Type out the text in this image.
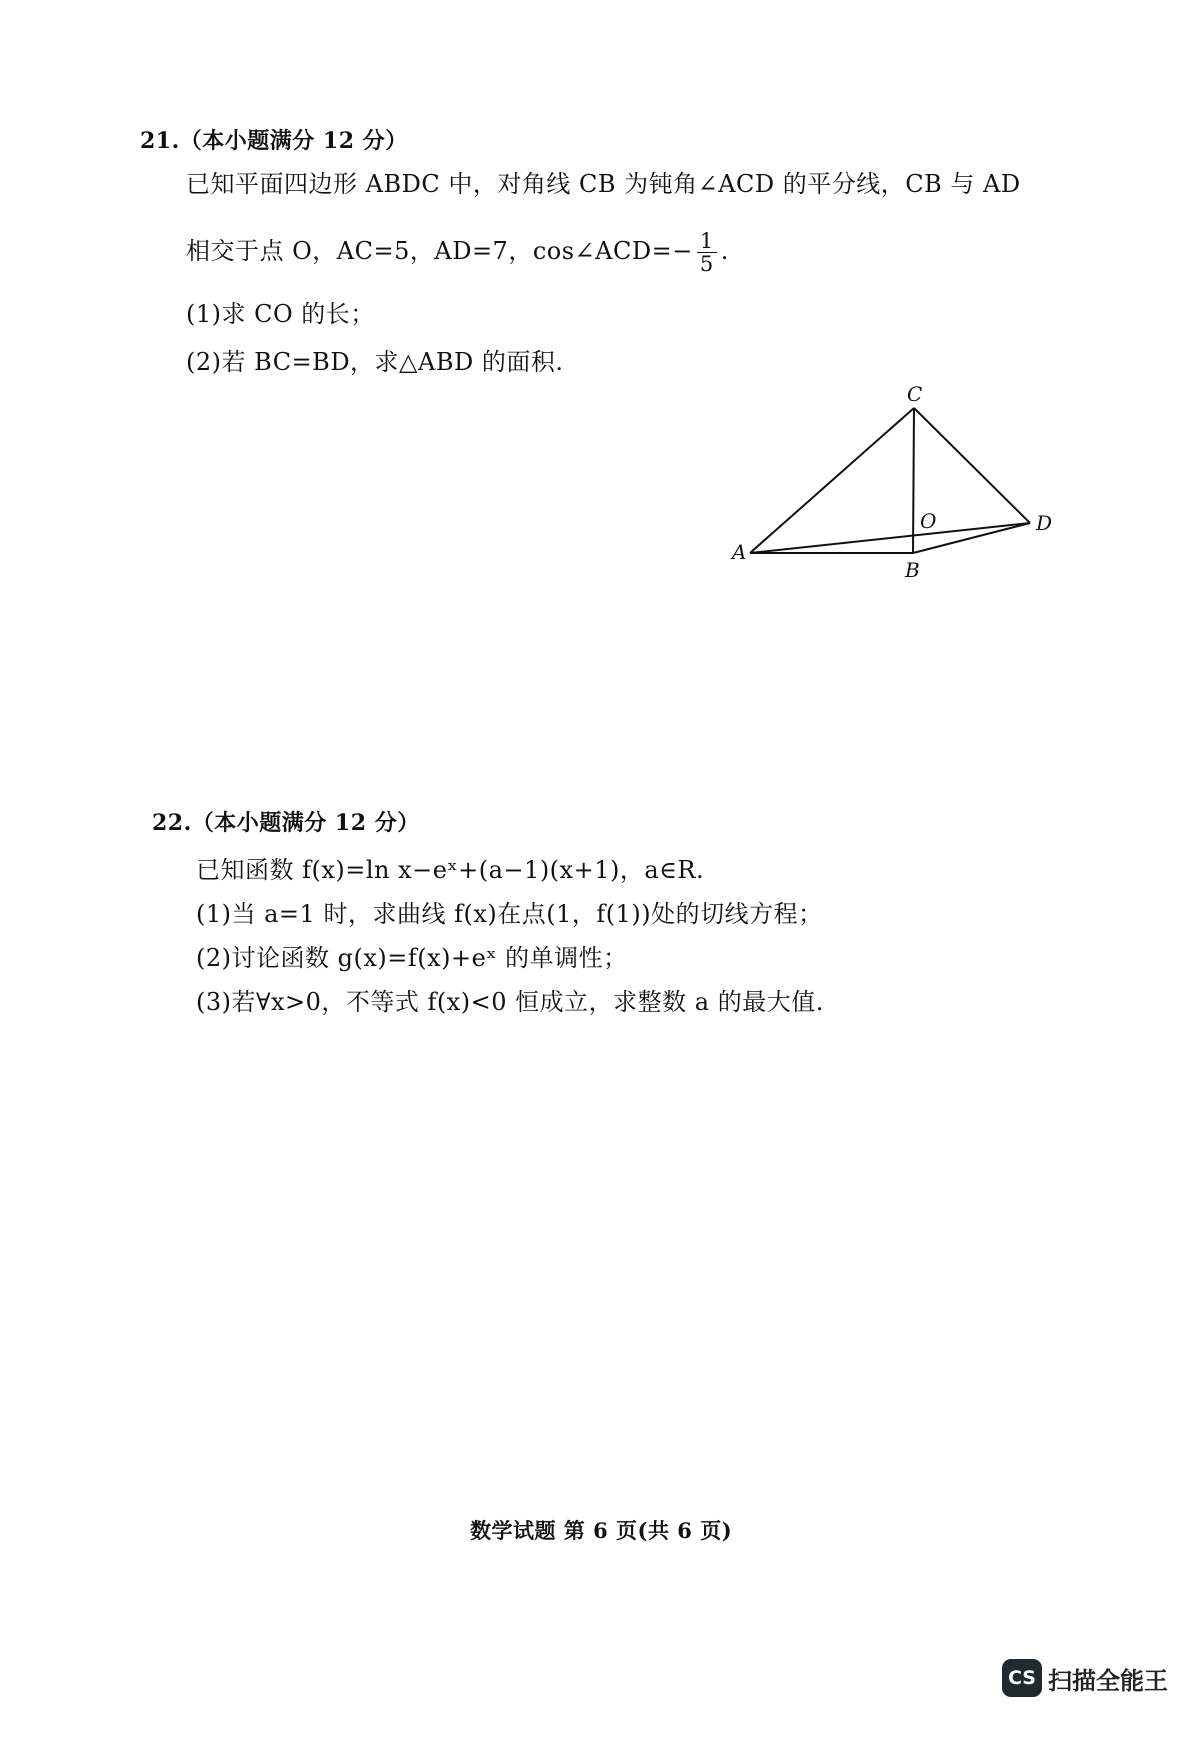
21.（本小题满分 12 分）
已知平面四边形 ABDC 中，对角线 CB 为钝角∠ACD 的平分线，CB 与 AD
相交于点 O，AC=5，AD=7，cos∠ACD=− $\frac{1}{5}$ .
(1)求 CO 的长；
(2)若 BC=BD，求△ABD 的面积.
C
O	D
A
B
22.（本小题满分 12 分）
已知函数 f(x)=ln x−eˣ+(a−1)(x+1)，a∈R.
(1)当 a=1 时，求曲线 f(x)在点(1，f(1))处的切线方程；
(2)讨论函数 g(x)=f(x)+eˣ 的单调性；
(3)若∀x>0，不等式 f(x)<0 恒成立，求整数 a 的最大值.
数学试题 第 6 页(共 6 页)
CS 扫描全能王
